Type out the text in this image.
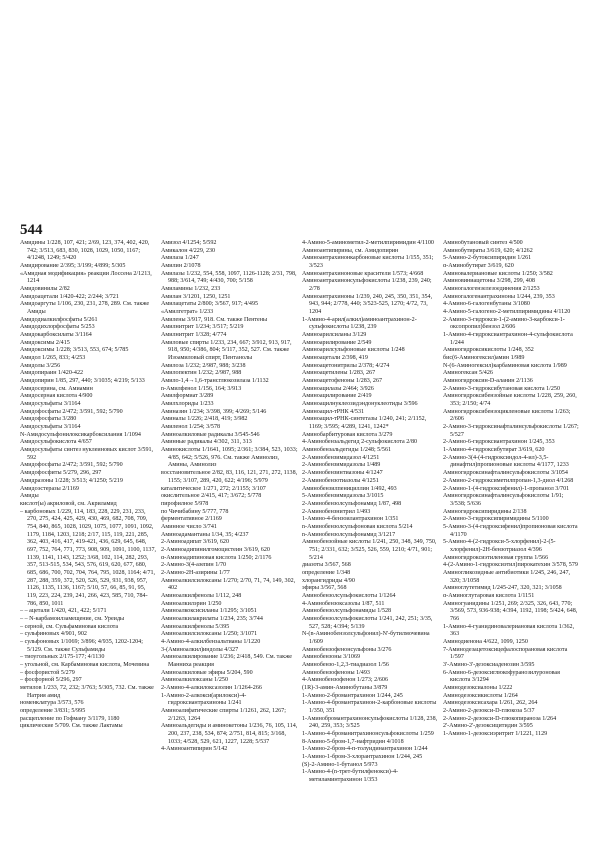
544

Амидины 1/228, 107, 421; 2/69, 123, 374, 402, 420, 742; 3/513, 683, 830, 1028, 1029, 1050, 1167; 4/1248, 1249; 5/420

Амидирование 2/395; 3/199; 4/899; 5/305

«Амидная модификация» реакции Лоссена 2/1213, 1214

Амидовинилы 2/82

Амидоацетали 1/420-422; 2/244; 3/721

Амидоаргуты 1/106, 230, 231, 278, 289. См. также Амиды

Амидодиалкилфосфаты 5/261

Амидодихлорфосфаты 5/253

Амидокарбоксилаты 3/1164

Амидоксимы 2/415

Амидоксимы 1/228; 3/513, 553, 674; 5/785

Амидол 1/265, 833; 4/253

Амидолы 3/256

Амидопираин 1/420-422

Амидопирин 1/85, 297, 440; 3/1035; 4/219; 5/133

Амидосерина, см. Амиамин

Амидосерная кислота 4/900

Амидосульфаты 3/1164

Амидофосфаты 2/472; 3/591, 592; 5/790

Амидофосфаты 3/280

Амидосульфаты 3/1164

N-Амидосульфонилоксикарбоксилания 1/1094

Амидосульфокислота 4/657

Амидосульфаты синтез нуклеиновых кислот 3/591, 592

Амидофосфаты 2/472; 3/591, 592; 5/790

Амидофосфиты 5/279, 296, 297

Амидразоны 1/228; 3/513; 4/1250; 5/219

Амидоэстеразы 2/1169

Амиды

кислот(ы) акриловой, см. Акриламид

– карбоновых 1/229, 114, 183, 228, 229, 231, 233, 270, 275, 424, 425, 429, 430, 469, 682, 708, 709, 754, 840, 865, 1028, 1029, 1075, 1077, 1091, 1092, 1179, 1184, 1203, 1218; 2/17, 115, 119, 221, 285, 362, 403, 416, 417, 419-421, 436, 629, 645, 648, 697, 752, 764, 771, 773, 908, 909, 1091, 1100, 1137, 1139, 1141, 1143, 1252; 3/68, 102, 114, 282, 293, 357, 513-515, 534, 543, 576, 619, 620, 677, 680, 685, 686, 700, 702, 704, 764, 795, 1028, 1164; 4/71, 287, 288, 359, 372, 520, 526, 529, 931, 938, 957, 1126, 1135, 1136, 1167; 5/10, 57, 66, 85, 91, 95, 119, 223, 224, 239, 241, 266, 423, 585, 710, 784-786, 850, 1011

– – ацетали 1/420, 421, 422; 5/171

– – N-карбамоилзамещение, см. Уреиды

– серной, см. Сульфаминовая кислота

– сульфиновых 4/901, 902

– сульфоновых 1/1069; 3/896; 4/935, 1202-1204; 5/129. См. также Сульфамиды

– тиоугольных 2/175-177; 4/1130

– угольной, см. Карбаминовая кислота, Мочевина

– фосфористой 5/279

– фосфорной 5/296, 297

метилов 1/233, 72, 232; 3/763; 5/305, 732. См. также Натрия амид

номенклатура 3/573, 576

определение 3/831; 5/995

расщепление по Гофману 3/1179, 1180

циклические 5/709. См. также Лактамы

Амизол 4/1254; 5/592

Амикалон 4/229, 230

Амилаза 1/247

Амилин 2/1078

Амилазы 1/232, 554, 558, 1097, 1126-1128; 2/31, 798, 988; 3/614, 749; 4/430, 700; 5/158

Амиламины 1/232, 233

Амилан 3/1201, 1250, 1251

Амилацетаты 2/800; 3/567, 917; 4/495

«Амилгетрат» 1/233

Амилены 3/917, 918. См. также Пентены

Амилнитрит 1/234; 3/517; 5/219

Амилнитрит 1/328; 4/774

Амиловые спирты 1/233, 234, 667; 3/912, 913, 917, 918, 950; 4/386, 804; 5/117, 352, 527. См. также Изоамиловый спирт, Пентанолы

Амилоза 1/232; 2/987, 988; 3/238

Амилопектин 1/232; 2/987, 988

Амило-1,4→1,6-трансглюкозилаза 1/1132

n-Амилфенол 1/156, 164; 3/913

Амилформиат 3/289

Амилхлориды 1/233

Аминазин 1/234; 3/398, 399; 4/269; 5/146

Аминалы 1/226; 2/418, 419; 3/982

Амиленол 1/254; 3/578

Аминоалкиловые радикалы 3/545-546

Аминные радикалы 4/302, 311, 313

Аминокислоты 1/1641, 1095; 2/361; 3/384, 523, 1033; 4/85, 642; 5/526, 976. См. также Аминолиз, Амины, Аминолиз

восстановительное 2/82, 83, 116, 121, 271, 272, 1138, 1155; 3/107, 289, 420, 622; 4/196; 5/979

каталитическое 1/271, 272; 2/1155; 3/107

окислительное 2/415, 417; 3/672; 5/778

пирофилное 5/978

по Чичибабину 5/777, 778

ферментативное 2/1169

Аминное число 3/741

Аминоадамантаны 1/34, 35; 4/237

2-Аминоадипат 3/619, 620

2-Аминоадипинилгомоцистеин 3/619, 620

α-Аминоадипиновая кислота 1/250; 2/1176

2-Амино-3(4-азепин 1/70

2-Амино-2Н-азирины 1/77

Аминоалкилсилоксаны 1/270; 2/70, 71, 74, 149, 302, 402

Аминоалкилфенолы 1/112, 248

Аминоалкилэрин 1/250

Аминоалкоксисиланы 1/1295; 3/1051

Аминоалкилакрилаты 1/234, 235; 3/744

Аминоалкилфенолы 5/395

Аминоалкилсилоксаны 1/250; 3/1071

4-Амино-4-алкилбензальтианы 1/1220

3-(Аминоалкил)индолы 4/327

Аминоалкилирование 1/236; 2/418, 549. См. также Манниха реакция

Аминоалкиловые эфиры 5/204, 590

Аминоалкилоксаны 1/250

2-Амино-4-алкилоксазолин 1/1264-266

1-Амино-2-алкокси(арилокси)-4-гидроксиантрахиноны 1/241

Аминоалифатические спирты 1/1261, 262, 1267; 2/1263, 1264

Аминоальдегиды и аминокетоны 1/236, 76, 105, 114, 200, 237, 238, 534, 874; 2/751, 814, 815; 3/168, 1033; 4/528, 529, 621, 1227, 1228; 5/537

4-Аминоантипирин 5/142

4-Амино-5-аминометил-2-метилпиримидин 4/1100

Аминоантипирины, см. Амидопирин

Аминоантрахинонкарбоновые кислоты 1/155, 351; 3/523

Аминоантрахиноновые красители 1/573; 4/668

Аминоантрахинонсульфокислоты 1/238, 239, 240; 2/78

Аминоантрахиноны 1/239, 240, 245, 350, 351, 354, 943, 944; 2/778, 440; 3/523-525, 1270; 4/72, 73, 1204

1-Амино-4-арил(алкил)аминоантрахинон-2-сульфокислоты 1/238, 239

Аминоарилсиланы 3/129

Аминоарилирование 2/549

Аминоарилсульфоновые кислоты 1/248

Аминоацетали 2/398, 419

Аминоацетонитрилы 2/378; 4/274

Аминоацетилены 1/283, 267

Аминоацетофеноны 1/283, 267

Аминоацилазы 2/464; 3/926

Аминоацилирование 2/419

Аминоацилнуклеозидэндонуклеотиды 3/596

Аминоацил-тРНК 4/531

Аминоацил-тРНК-синтетазы 1/240, 241; 2/1152, 1169; 3/595; 4/289, 1241, 1242*

Аминобарбитуровая кислота 3/279

4-Аминобензальдегид 2-сульфокислота 2/80

Аминобензальдегиды 1/248; 5/561

2-Аминобензимидазол 4/1251

2-Аминобензимидазолы 1/489

2-Аминобензинтиазоны 4/1247

2-Аминобензотиазолы 4/1251

Аминобензилпенициллин 1/492, 493

5-Аминобензимидазолы 3/1015

2-Аминобензолсульфонамид 1/87, 498

2-Аминобензнитрил 1/493

1-Амино-4-бензоилантрахинон 1/351

n-Аминобензолсульфоновая кислота 5/214

n-Аминобензолсульфонамид 3/1217

Аминобензойные кислоты 1/241, 250, 348, 349, 750, 751; 2/331, 632; 3/525, 526, 559, 1210; 4/71, 901; 5/214

диазоты 3/567, 568

определение 1/348

хлорангидриды 4/90

эфиры 3/567, 568

Аминобензолсульфокислоты 1/1264

4-Аминобензоксазолы 1/87, 511

Аминобензолсульфонамиды 1/528

Аминобензолсульфокислоты 1/241, 242, 251; 3/35, 527, 528; 4/394; 5/139

N-(n-Аминобензолсульфонил)-N'-бутилмочевина 1/609

Аминобензофенонсульфоны 3/276

Аминобензоны 3/1069

Аминобензо-1,2,3-тиадиазол 1/56

Аминобензофеноны 1/493

4-Аминобензофенон 1/273; 2/606

(1R)-3-амин-Аминобутаны 3/879

1-Амино-2-бромантрахинон 1/244, 245

1-Амино-4-бромантрахинон-2-карбоновые кислоты 1/350, 351

1-Аминобромантрахинонсульфокислоты 1/128, 238, 240, 259, 353; 3/525

1-Амино-4-броманитрахинонсульфокислоты 1/259

8-Амино-5-бром-1,7-нафтридин 4/1018

1-Амино-2-бром-4-п-толуидинантрахинон 1/244

1-Амино-1-бром-3-хлорантрахинон 1/244, 245

(S)-2-Амино-1-бутанол 5/973

1-Амино-4-(n-трет-бутилфенокси)-4-метиламинтрахинон 1/353

Аминобутановый синтез 4/500

Аминобутираты 3/619, 620; 4/1262

5-Амино-2-бутоксипиридин 1/261

α-Аминобутират 3/619, 620

Аминовалериановые кислоты 1/250; 3/582

Аминовиниацетоны 3/298, 299, 408

Аминогалогензелезоединения 2/1253

Аминогалогенантрахиноны 1/244, 239, 353

4-Амино-6-галогенбутаны 3/1080

4-Амино-5-галогено-2-метилпиримидины 4/1120

2-Амино-3-гидрокси-1-(2-амино-3-карбокси-1-оксопропил)бензол 2/606

1-Амино-4-гидроксиантрахинон-4-сульфокислота 1/244

Аминогидроксикислоты 1/248, 352

бис(6-Аминогексил)амин 1/989

N-(6-Аминогексил)карбаминовая кислота 1/989

Аминогексан 5/426

Аминогидроксин-D-аланин 2/1136

2-Амино-3-гидроксибутановая кислота 1/250

Аминогидроксибензойные кислоты 1/228, 259, 260, 353; 2/150; 4/74

Аминогидроксибензоцикленовые кислоты 1/263; 2/606

2-Амино-3-гидроксинафталинсульфокислоты 1/267; 5/527

2-Амино-6-гидроксиантрахинон 1/245, 353

1-Амино-4-гидроксибутират 3/619, 620

2-Амино-3(4-(4-гидроксиндол-4-ил)-3,5-динафтил)пропионовые кислоты 4/1177, 1233

Аминогидроксинафталинсульфокислоты 3/1054

2-Амино-2-гидроксиметилпропан-1,3-диол 4/1268

2-Амино-1-(4-гидроксифенил)-1-пропанол 3/701

Аминогидроксинафталинсульфокислоты 1/91; 3/538; 5/636

Аминогидроксипиридины 2/138

2-Амино-3-гидроксипиримидины 5/1100

5-Амино-3-(4-гидроксифенил)пропионовая кислота 4/1170

5-Амино-4-(2-гидрокси-5-хлорфенил)-2-(5-хлорфенил)-2Н-бензотриазол 4/396

Аминогидроксиэтиленовая группа 1/566

4-(2-Амино-1-гидроксиэтил)пирокатехин 3/578, 579

Аминогликозидные антибиотики 1/245, 246, 247, 320; 3/1058

Аминоглутетимид 1/245-247, 320, 321; 3/1058

α-Аминоглутаровая кислота 1/1151

Аминогуанидины 1/251, 269; 2/325, 326, 643, 770; 3/569, 573, 936-938; 4/394, 1192, 1198; 5/424, 648, 766

1-Амино-4-гуанидиновалериановая кислота 1/362, 363

Аминодиенона 4/622, 1099, 1250

7-Аминодезацетоксицефалоспорановая кислота 1/597

3'-Амино-3'-дезоксиаденозин 3/595

6-Амино-6-дезоксиглюкофуранозилуроновая кислота 3/1294

Аминодезоксиалоны 1/222

Аминодезоксикислоты 1/264

Аминодезоксисахара 1/261, 262, 264

2-Амино-2-дезокси-D-глюкоза 5/37

2-Амино-2-дезокси-D-глюкопираноза 1/264

2'-Амино-2'-дезоксицитидин 3/595

1-Амино-1-дезоксиэритрит 1/1221, 1129
